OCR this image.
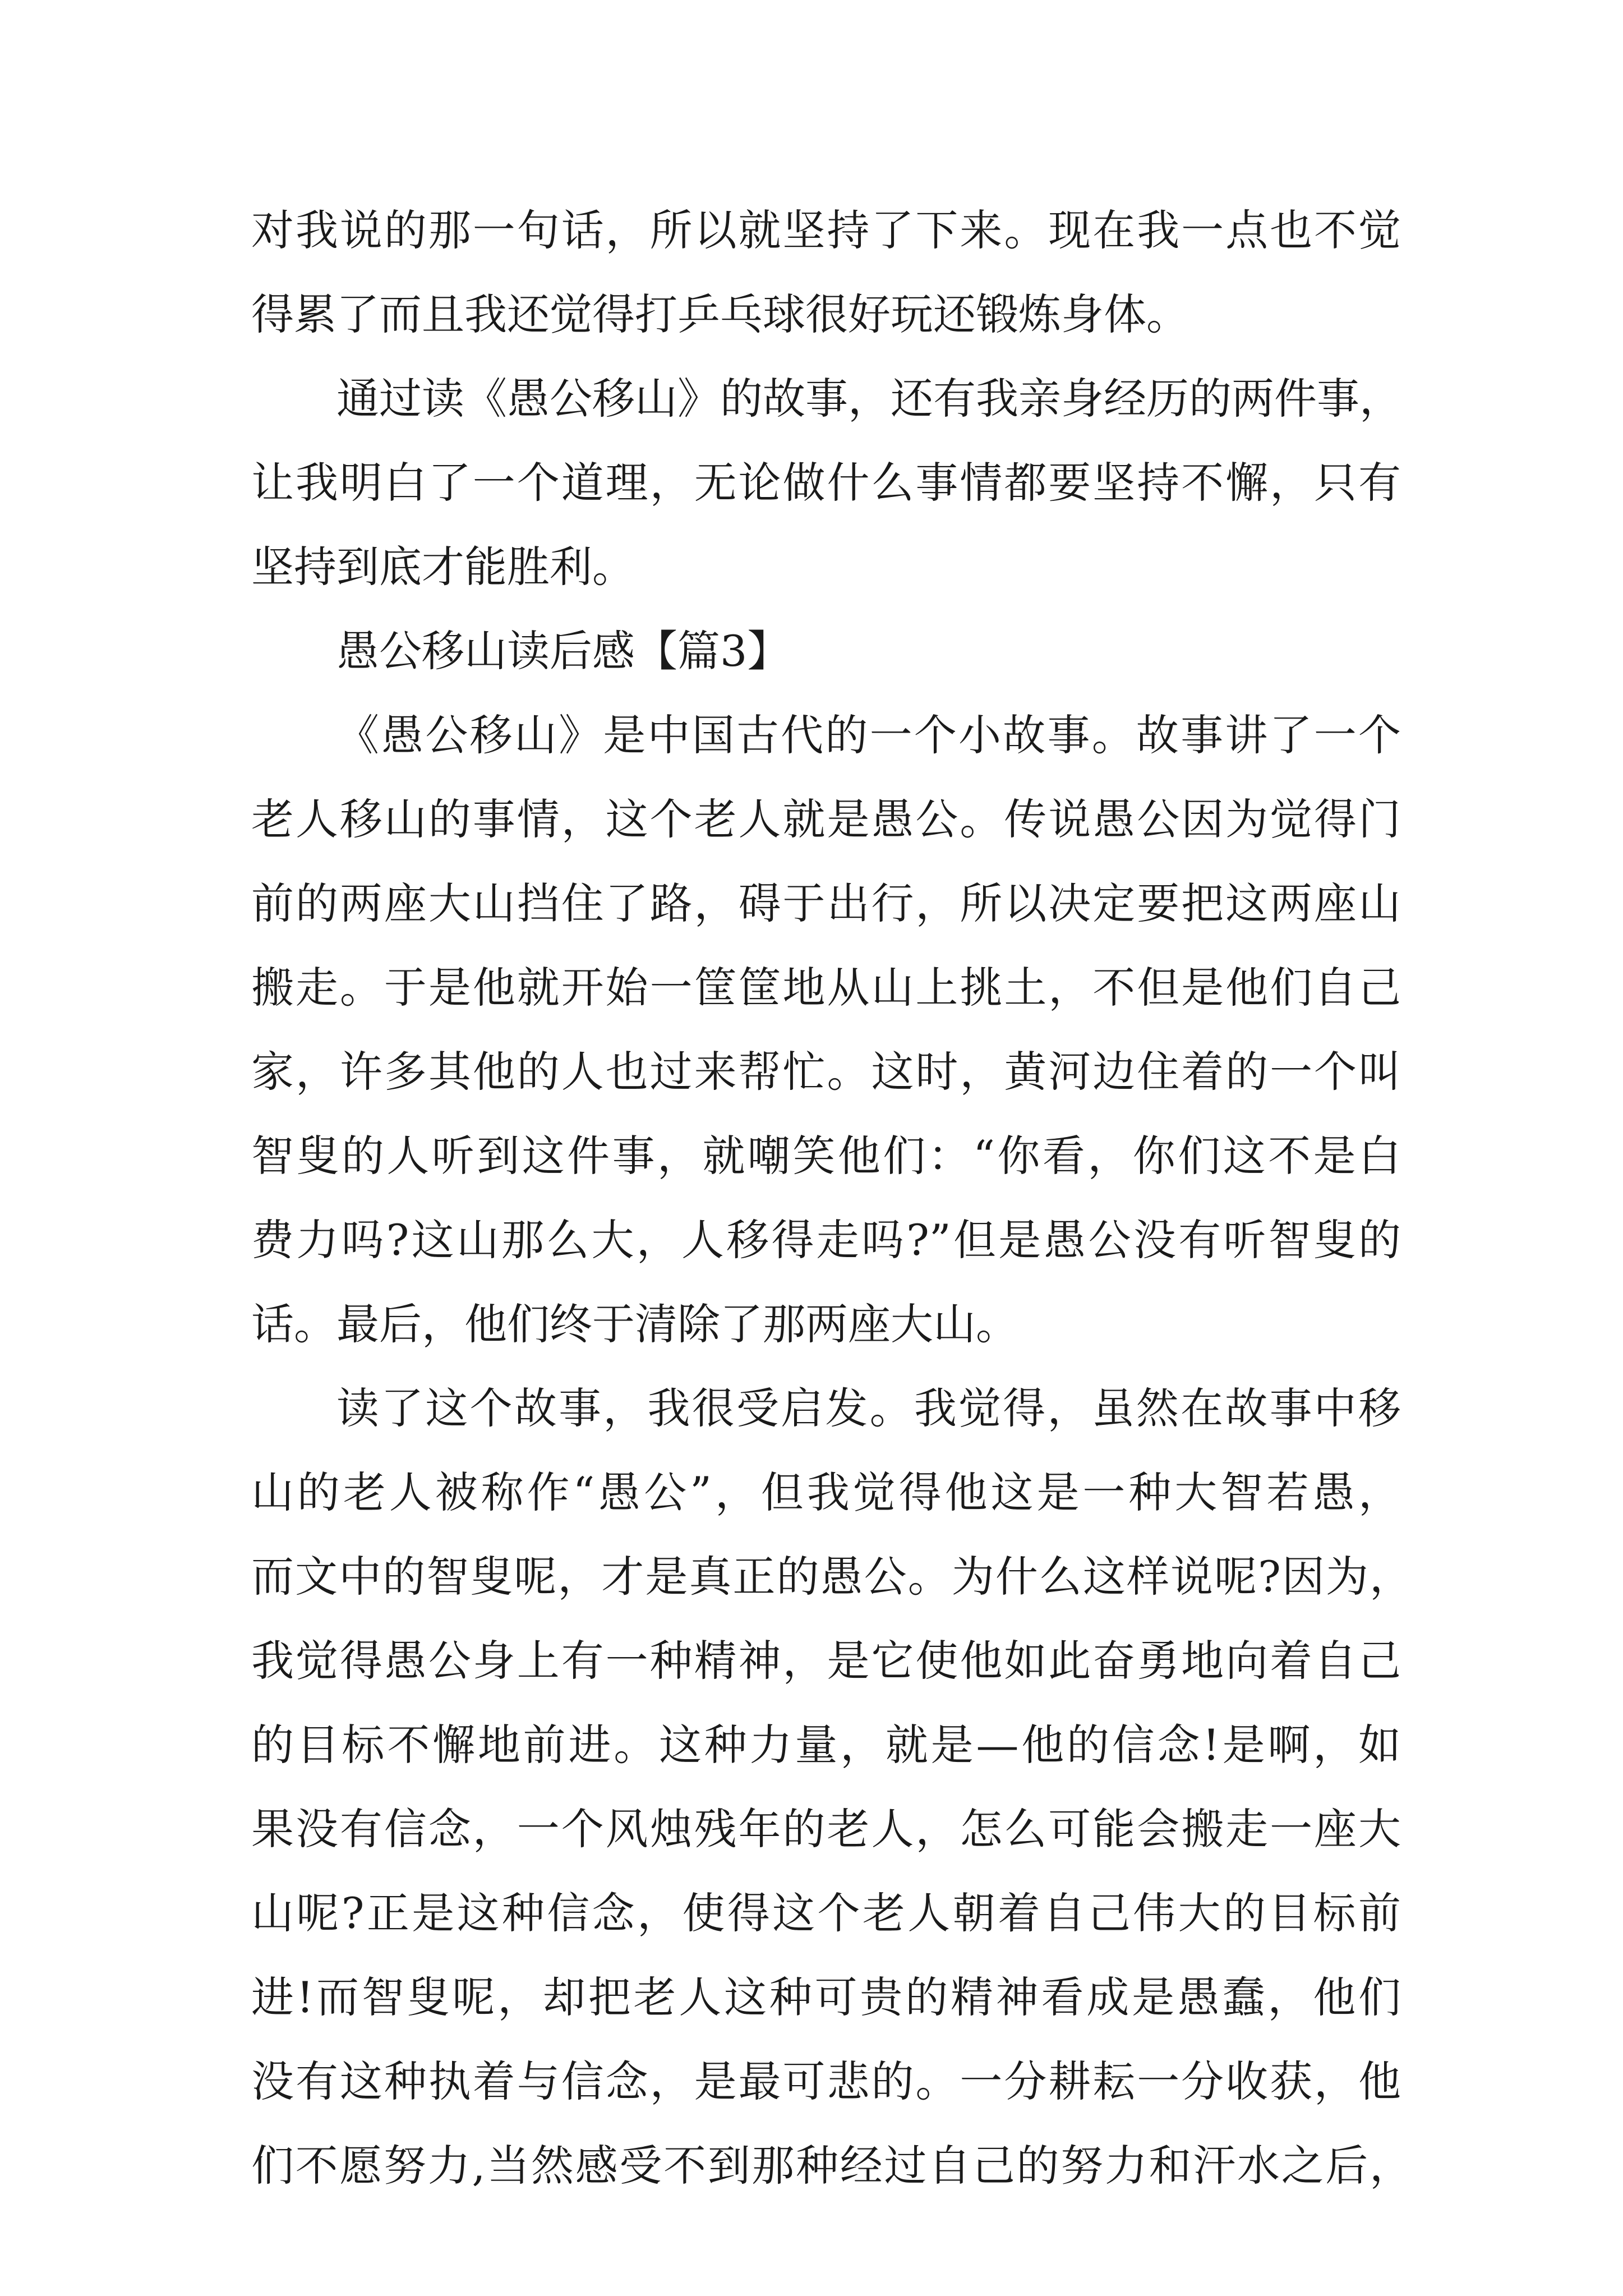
对我说的那一句话，所以就坚持了下来。现在我一点也不觉
得累了而且我还觉得打乒乓球很好玩还锻炼身体。
通过读《愚公移山》的故事，还有我亲身经历的两件事，
让我明白了一个道理，无论做什么事情都要坚持不懈，只有
坚持到底才能胜利。
愚公移山读后感【篇3】
《愚公移山》是中国古代的一个小故事。故事讲了一个
老人移山的事情，这个老人就是愚公。传说愚公因为觉得门
前的两座大山挡住了路，碍于出行，所以决定要把这两座山
搬走。于是他就开始一筐筐地从山上挑土，不但是他们自己
家，许多其他的人也过来帮忙。这时，黄河边住着的一个叫
智叟的人听到这件事，就嘲笑他们：“你看，你们这不是白
费力吗?这山那么大，人移得走吗?”但是愚公没有听智叟的
话。最后，他们终于清除了那两座大山。
读了这个故事，我很受启发。我觉得，虽然在故事中移
山的老人被称作“愚公”，但我觉得他这是一种大智若愚，
而文中的智叟呢，才是真正的愚公。为什么这样说呢?因为，
我觉得愚公身上有一种精神，是它使他如此奋勇地向着自己
的目标不懈地前进。这种力量，就是—他的信念!是啊，如
果没有信念，一个风烛残年的老人，怎么可能会搬走一座大
山呢?正是这种信念，使得这个老人朝着自己伟大的目标前
进!而智叟呢，却把老人这种可贵的精神看成是愚蠢，他们
没有这种执着与信念，是最可悲的。一分耕耘一分收获，他
们不愿努力,当然感受不到那种经过自己的努力和汗水之后，
